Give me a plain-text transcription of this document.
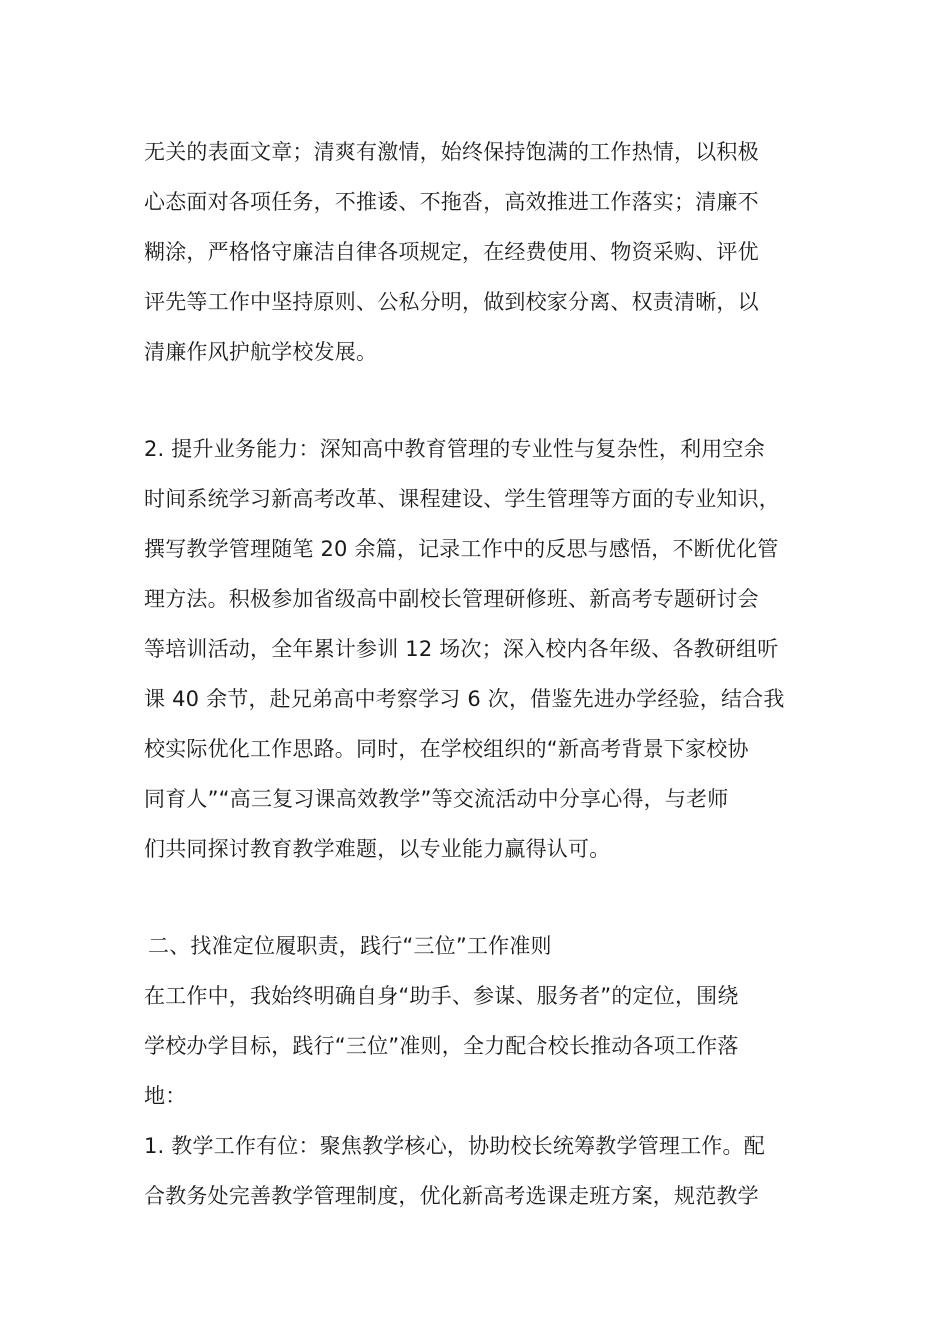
无关的表面文章；清爽有激情，始终保持饱满的工作热情，以积极
心态面对各项任务，不推诿、不拖沓，高效推进工作落实；清廉不
糊涂，严格恪守廉洁自律各项规定，在经费使用、物资采购、评优
评先等工作中坚持原则、公私分明，做到校家分离、权责清晰，以
清廉作风护航学校发展。
2. 提升业务能力：深知高中教育管理的专业性与复杂性，利用空余
时间系统学习新高考改革、课程建设、学生管理等方面的专业知识，
撰写教学管理随笔 20 余篇，记录工作中的反思与感悟，不断优化管
理方法。积极参加省级高中副校长管理研修班、新高考专题研讨会
等培训活动，全年累计参训 12 场次；深入校内各年级、各教研组听
课 40 余节，赴兄弟高中考察学习 6 次，借鉴先进办学经验，结合我
校实际优化工作思路。同时，在学校组织的“新高考背景下家校协
同育人”“高三复习课高效教学”等交流活动中分享心得，与老师
们共同探讨教育教学难题，以专业能力赢得认可。
二、找准定位履职责，践行“三位”工作准则
在工作中，我始终明确自身“助手、参谋、服务者”的定位，围绕
学校办学目标，践行“三位”准则，全力配合校长推动各项工作落
地：
1. 教学工作有位：聚焦教学核心，协助校长统筹教学管理工作。配
合教务处完善教学管理制度，优化新高考选课走班方案，规范教学
